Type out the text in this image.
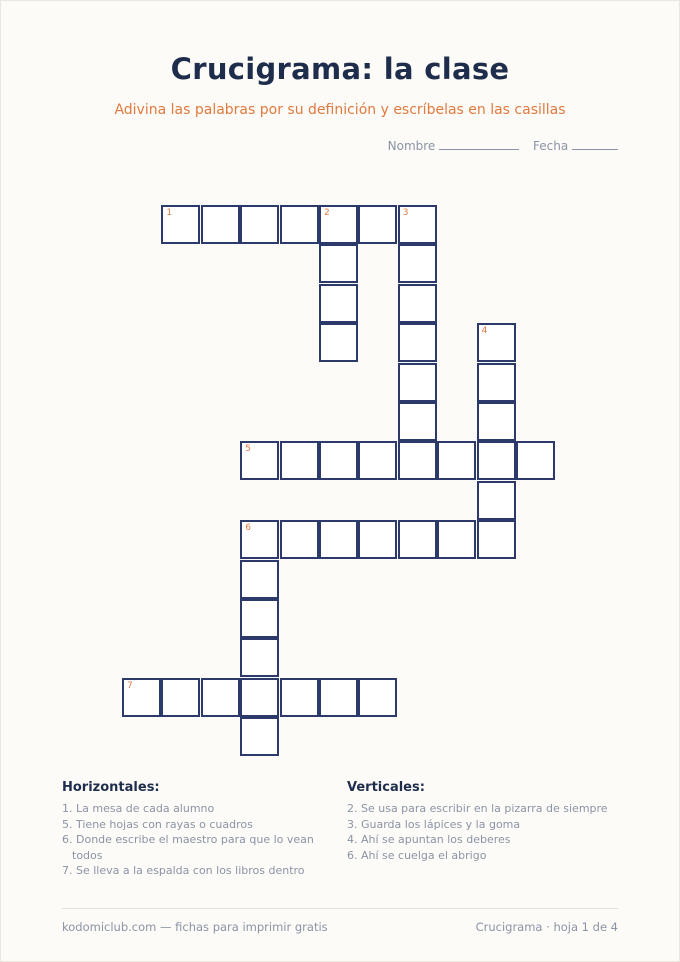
Crucigrama: la clase
Adivina las palabras por su definición y escríbelas en las casillas
Nombre	Fecha
1	2	3
4
5
6
7
Horizontales:
1. La mesa de cada alumno
5. Tiene hojas con rayas o cuadros
6. Donde escribe el maestro para que lo vean todos
7. Se lleva a la espalda con los libros dentro
Verticales:
2. Se usa para escribir en la pizarra de siempre
3. Guarda los lápices y la goma
4. Ahí se apuntan los deberes
6. Ahí se cuelga el abrigo
kodomiclub.com — fichas para imprimir gratis	Crucigrama · hoja 1 de 4
